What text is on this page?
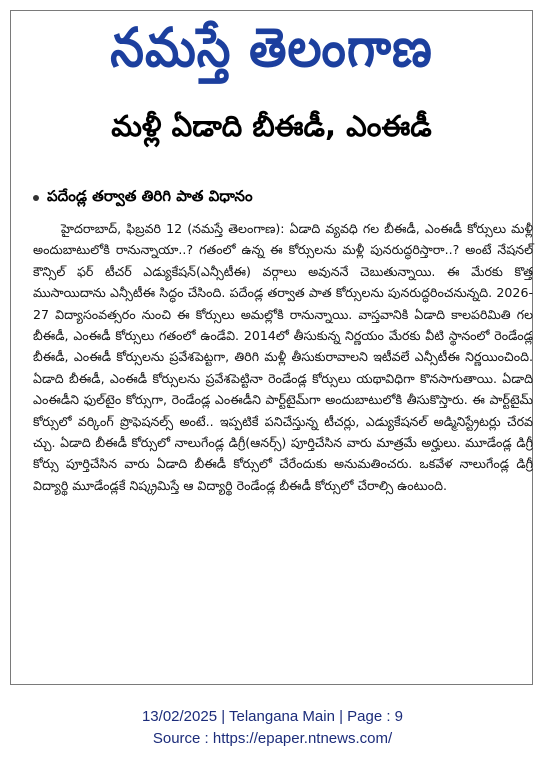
నమస్తే తెలంగాణ
మళ్లీ ఏడాది బీఈడీ, ఎంఈడీ
పదేండ్ల తర్వాత తిరిగి పాత విధానం
హైదరాబాద్, ఫిబ్రవరి 12 (నమస్తే తెలంగాణ): ఏడాది వ్యవధి గల బీఈడీ, ఎంఈడీ కోర్సులు మళ్లీ అందుబాటులోకి రానున్నాయా..? గతంలో ఉన్న ఈ కోర్సులను మళ్లీ పునరుద్ధరిస్తారా..? అంటే నేషనల్ కౌన్సిల్ ఫర్ టీచర్ ఎడ్యుకేషన్(ఎన్సీటీఈ) వర్గాలు అవుననే చెబుతున్నాయి. ఈ మేరకు కొత్త ముసాయిదాను ఎన్సీటీఈ సిద్ధం చేసింది. పదేండ్ల తర్వాత పాత కోర్సులను పునరుద్ధరించనున్నది. 2026-27 విద్యాసంవత్సరం నుంచి ఈ కోర్సులు అమల్లోకి రానున్నాయి. వాస్తవానికి ఏడాది కాలపరిమితి గల బీఈడీ, ఎంఈడీ కోర్సులు గతంలో ఉండేవి. 2014లో తీసుకున్న నిర్ణయం మేరకు వీటి స్థానంలో రెండేండ్ల బీఈడీ, ఎంఈడీ కోర్సులను ప్రవేశపెట్టగా, తిరిగి మళ్లీ తీసుకురావాలని ఇటీవలే ఎన్సీటీఈ నిర్ణయించింది. ఏడాది బీఈడీ, ఎంఈడీ కోర్సులను ప్రవేశపెట్టినా రెండేండ్ల కోర్సులు యథావిధిగా కొనసాగుతాయి. ఏడాది ఎంఈడీని ఫుల్‌టైం కోర్సుగా, రెండేండ్ల ఎంఈడీని పార్ట్‌టైమ్‌గా అందుబాటులోకి తీసుకొస్తారు. ఈ పార్ట్‌టైమ్ కోర్సులో వర్కింగ్ ప్రొఫెషనల్స్ అంటే.. ఇప్పటికే పనిచేస్తున్న టీచర్లు, ఎడ్యుకేషనల్ అడ్మినిస్ట్రేటర్లు చేరవచ్చు. ఏడాది బీఈడీ కోర్సులో నాలుగేండ్ల డిగ్రీ(ఆనర్స్) పూర్తిచేసిన వారు మాత్రమే అర్హులు. మూడేండ్ల డిగ్రీ కోర్సు పూర్తిచేసిన వారు ఏడాది బీఈడీ కోర్సులో చేరేందుకు అనుమతించరు. ఒకవేళ నాలుగేండ్ల డిగ్రీ విద్యార్థి మూడేండ్లకే నిష్క్రమిస్తే ఆ విద్యార్థి రెండేండ్ల బీఈడీ కోర్సులో చేరాల్సి ఉంటుంది.
13/02/2025 | Telangana Main | Page : 9
Source : https://epaper.ntnews.com/
